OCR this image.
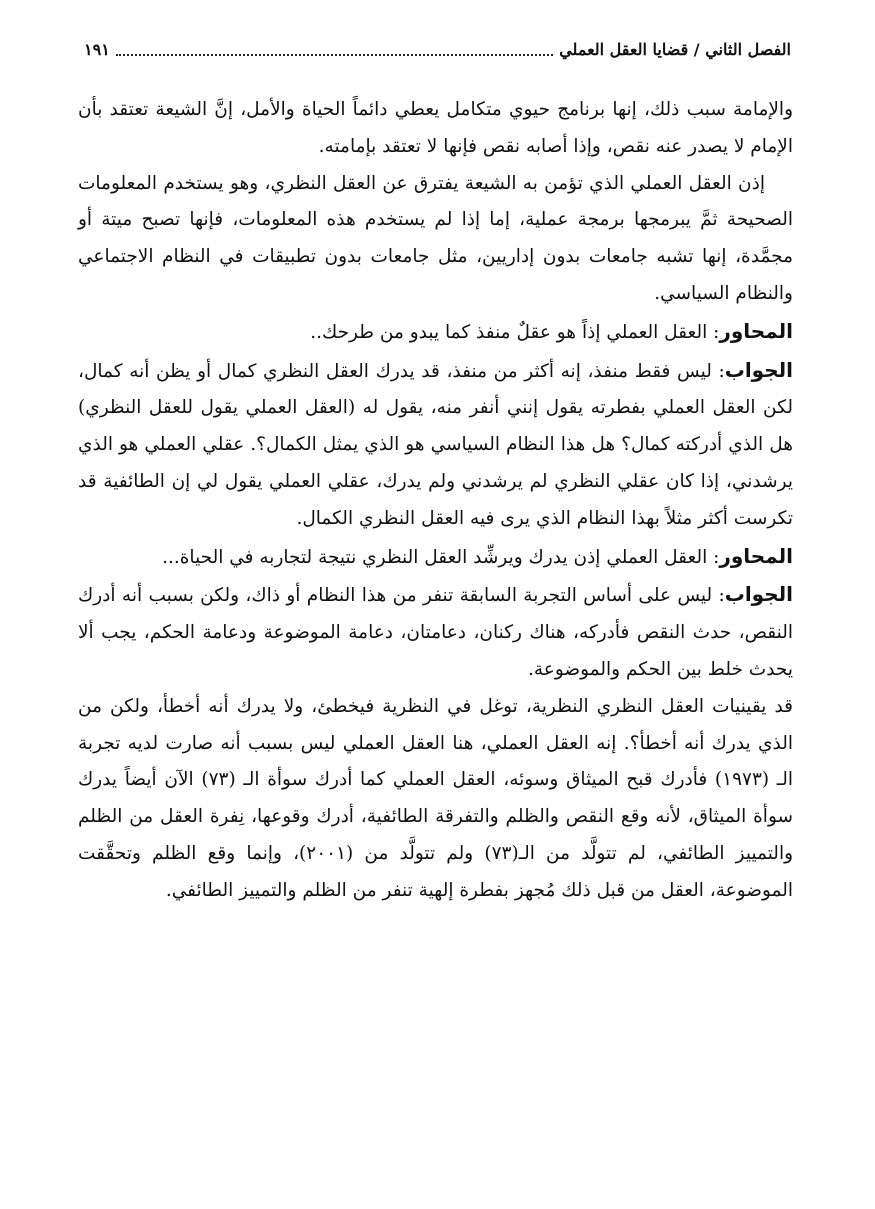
الفصل الثاني / قضايا العقل العملي
١٩١

والإمامة سبب ذلك، إنها برنامج حيوي متكامل يعطي دائماً الحياة والأمل، إنَّ الشيعة تعتقد بأن الإمام لا يصدر عنه نقص، وإذا أصابه نقص فإنها لا تعتقد بإمامته.

إذن العقل العملي الذي تؤمن به الشيعة يفترق عن العقل النظري، وهو يستخدم المعلومات الصحيحة ثمَّ يبرمجها برمجة عملية، إما إذا لم يستخدم هذه المعلومات، فإنها تصبح ميتة أو مجمَّدة، إنها تشبه جامعات بدون إداريين، مثل جامعات بدون تطبيقات في النظام الاجتماعي والنظام السياسي.

المحاور: العقل العملي إذاً هو عقلٌ منفذ كما يبدو من طرحك..

الجواب: ليس فقط منفذ، إنه أكثر من منفذ، قد يدرك العقل النظري كمال أو يظن أنه كمال، لكن العقل العملي بفطرته يقول إنني أنفر منه، يقول له (العقل العملي يقول للعقل النظري) هل الذي أدركته كمال؟ هل هذا النظام السياسي هو الذي يمثل الكمال؟. عقلي العملي هو الذي يرشدني، إذا كان عقلي النظري لم يرشدني ولم يدرك، عقلي العملي يقول لي إن الطائفية قد تكرست أكثر مثلاً بهذا النظام الذي يرى فيه العقل النظري الكمال.

المحاور: العقل العملي إذن يدرك ويرشِّد العقل النظري نتيجة لتجاربه في الحياة...

الجواب: ليس على أساس التجربة السابقة تنفر من هذا النظام أو ذاك، ولكن بسبب أنه أدرك النقص، حدث النقص فأدركه، هناك ركنان، دعامتان، دعامة الموضوعة ودعامة الحكم، يجب ألا يحدث خلط بين الحكم والموضوعة.

قد يقينيات العقل النظري النظرية، توغل في النظرية فيخطئ، ولا يدرك أنه أخطأ، ولكن من الذي يدرك أنه أخطأ؟. إنه العقل العملي، هنا العقل العملي ليس بسبب أنه صارت لديه تجربة الـ (١٩٧٣) فأدرك قبح الميثاق وسوئه، العقل العملي كما أدرك سوأة الـ (٧٣) الآن أيضاً يدرك سوأة الميثاق، لأنه وقع النقص والظلم والتفرقة الطائفية، أدرك وقوعها، نِفرة العقل من الظلم والتمييز الطائفي، لم تتولَّد من الـ(٧٣) ولم تتولَّد من (٢٠٠١)، وإنما وقع الظلم وتحقَّقت الموضوعة، العقل من قبل ذلك مُجهز بفطرة إلهية تنفر من الظلم والتمييز الطائفي.
